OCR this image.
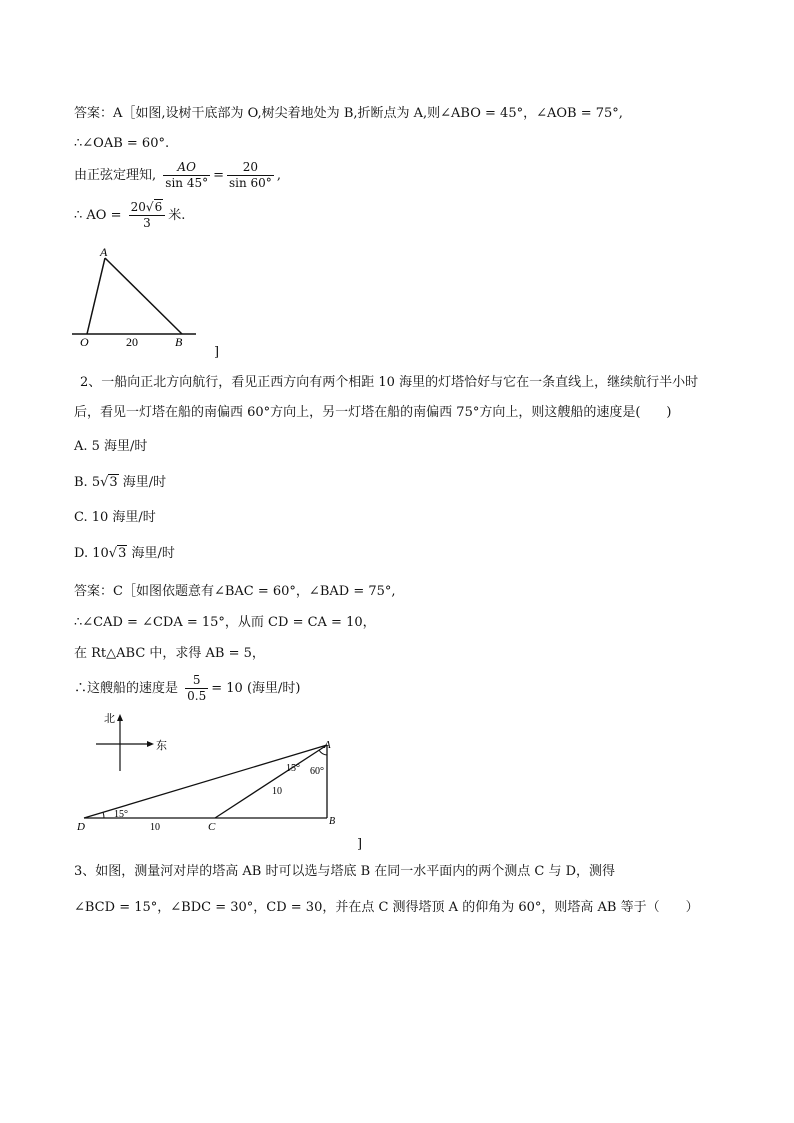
答案：A［如图,设树干底部为 O,树尖着地处为 B,折断点为 A,则∠ABO = 45°，∠AOB = 75°,
∴∠OAB = 60°.
由正弦定理知, $\frac{AO}{\sin 45^\circ} = \frac{20}{\sin 60^\circ}$ ,
∴ AO = $\frac{20√6}{3}$ 米.
A
O	20	B
]
2、一船向正北方向航行，看见正西方向有两个相距 10 海里的灯塔恰好与它在一条直线上，继续航行半小时
后，看见一灯塔在船的南偏西 60°方向上，另一灯塔在船的南偏西 75°方向上，则这艘船的速度是(　　)
A. 5 海里/时
B. 5√3 海里/时
C. 10 海里/时
D. 10√3 海里/时
答案：C［如图依题意有∠BAC = 60°，∠BAD = 75°,
∴∠CAD = ∠CDA = 15°，从而 CD = CA = 10，
在 Rt△ABC 中，求得 AB = 5，
∴这艘船的速度是 $\frac{5}{0.5} = 10$ (海里/时)
北
东	A
B
C
D
15° 60°
15°
10
10
]
3、如图，测量河对岸的塔高 AB 时可以选与塔底 B 在同一水平面内的两个测点 C 与 D，测得
∠BCD = 15°，∠BDC = 30°，CD = 30，并在点 C 测得塔顶 A 的仰角为 60°，则塔高 AB 等于（　　）
